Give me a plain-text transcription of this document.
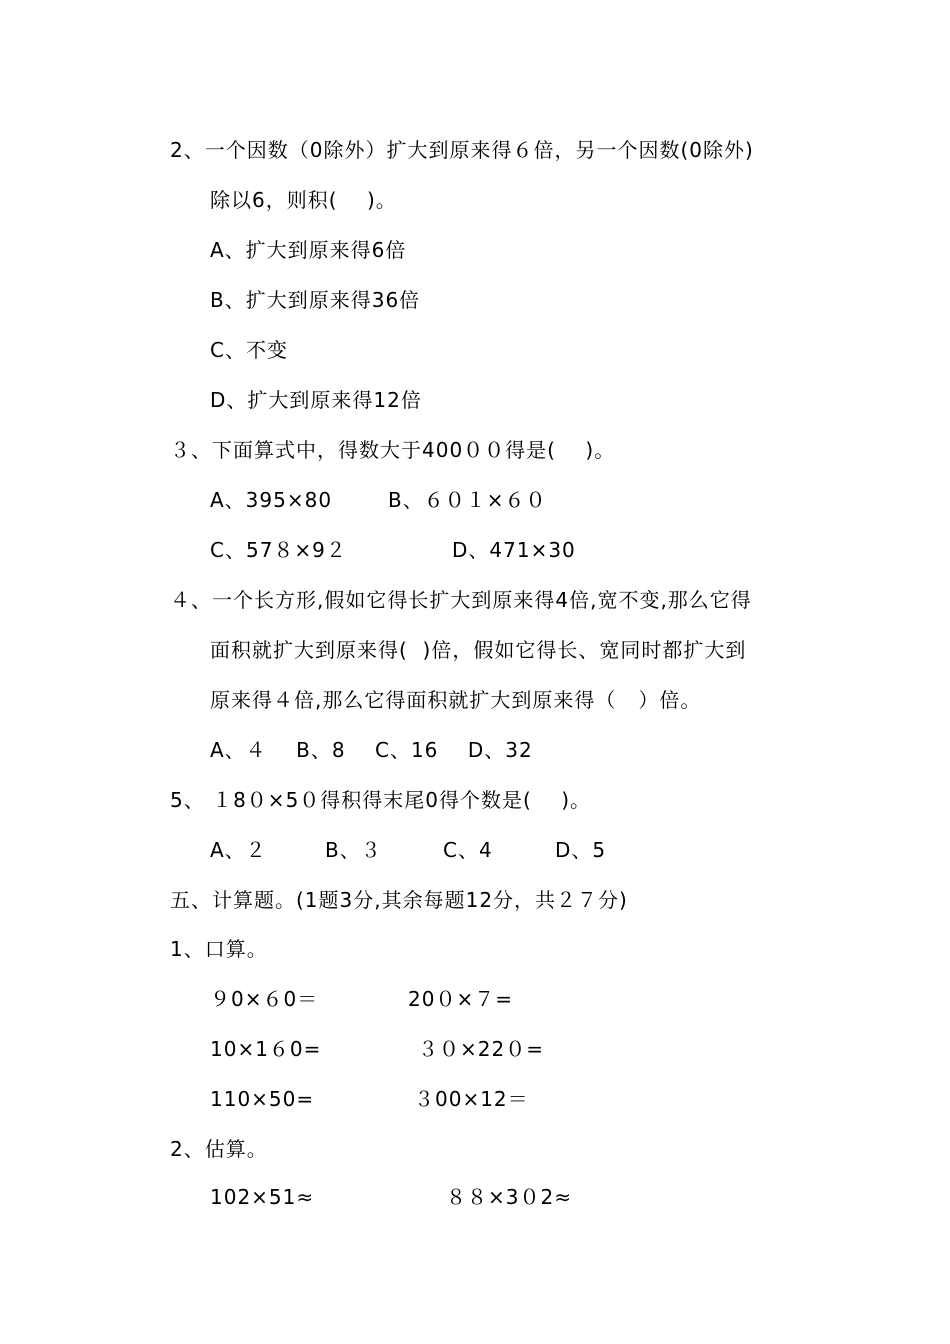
2、一个因数（0除外）扩大到原来得６倍，另一个因数(0除外)
除以6，则积(    )。
A、扩大到原来得6倍
B、扩大到原来得36倍
C、不变
D、扩大到原来得12倍
３、下面算式中，得数大于400００得是(    )。
A、395×80	B、６０１×６０
C、57８×9２	D、471×30
４、一个长方形,假如它得长扩大到原来得4倍,宽不变,那么它得
面积就扩大到原来得(  )倍，假如它得长、宽同时都扩大到
原来得４倍,那么它得面积就扩大到原来得（   ）倍。
A、４    B、8    C、16    D、32
5、 １8０×5０得积得末尾0得个数是(    )。
A、２	B、３	C、4	D、5
五、计算题。(1题3分,其余每题12分，共２７分)
1、口算。
９0×６0＝	20０×７=
10×1６0=	３０×22０=
110×50=	３00×12＝
2、估算。
102×51≈	８８×3０2≈
